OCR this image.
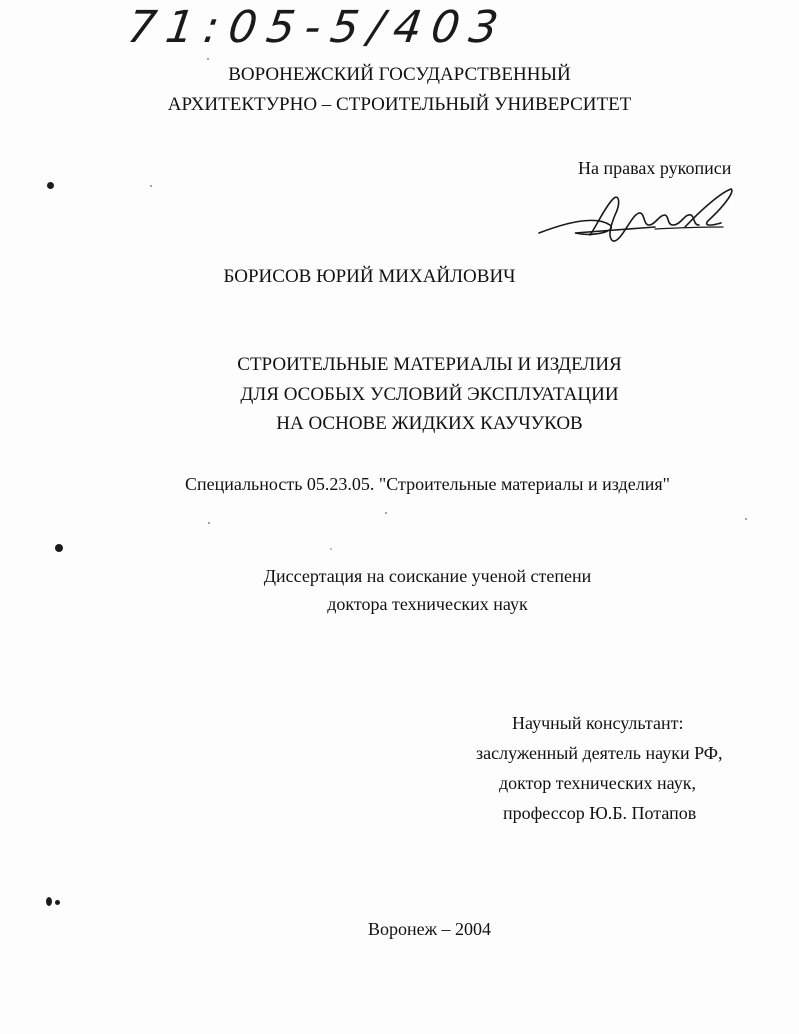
71:05-5/403
ВОРОНЕЖСКИЙ ГОСУДАРСТВЕННЫЙ
АРХИТЕКТУРНО – СТРОИТЕЛЬНЫЙ УНИВЕРСИТЕТ
На правах рукописи
БОРИСОВ ЮРИЙ МИХАЙЛОВИЧ
СТРОИТЕЛЬНЫЕ МАТЕРИАЛЫ И ИЗДЕЛИЯ
ДЛЯ ОСОБЫХ УСЛОВИЙ ЭКСПЛУАТАЦИИ
НА ОСНОВЕ ЖИДКИХ КАУЧУКОВ
Специальность 05.23.05. "Строительные материалы и изделия"
Диссертация на соискание ученой степени
доктора технических наук
Научный консультант:
заслуженный деятель науки РФ,
доктор технических наук,
профессор Ю.Б. Потапов
Воронеж – 2004
